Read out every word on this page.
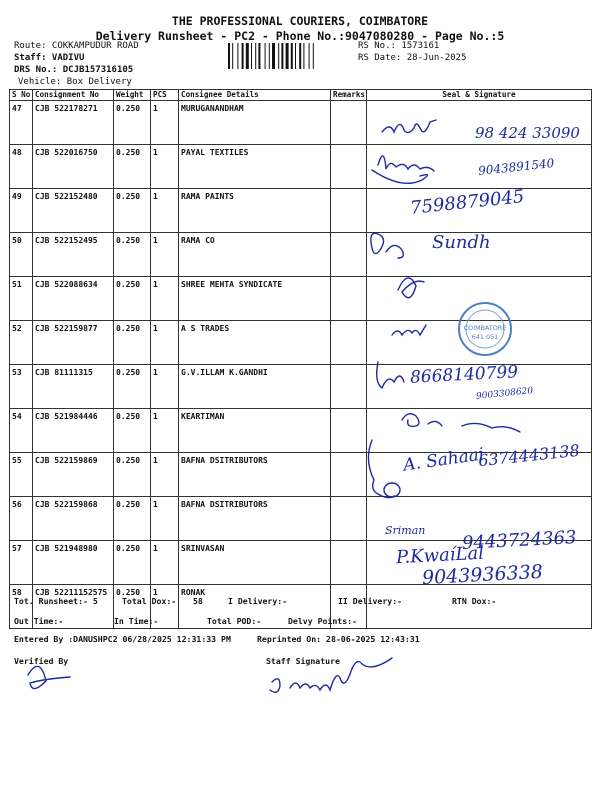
THE PROFESSIONAL COURIERS, COIMBATORE
Delivery Runsheet - PC2 - Phone No.:9047080280 - Page No.:5
Route: COKKAMPUDUR ROAD
Staff: VADIVU
DRS No.: DCJB157316105
Vehicle: Box Delivery
RS No.: 1573161
RS Date: 28-Jun-2025
S No	Consignment No	Weight	PCS	Consignee Details	Remarks	Seal & Signature
47	CJB 522178271	0.250	1	MURUGANANDHAM		
48	CJB 522016750	0.250	1	PAYAL TEXTILES		
49	CJB 522152480	0.250	1	RAMA PAINTS		
50	CJB 522152495	0.250	1	RAMA CO		
51	CJB 522088634	0.250	1	SHREE MEHTA SYNDICATE		
52	CJB 522159877	0.250	1	A S TRADES		
53	CJB 81111315	0.250	1	G.V.ILLAM K.GANDHI		
54	CJB 521984446	0.250	1	KEARTIMAN		
55	CJB 522159869	0.250	1	BAFNA DSITRIBUTORS		
56	CJB 522159868	0.250	1	BAFNA DSITRIBUTORS		
57	CJB 521948980	0.250	1	SRINVASAN		
58	CJB 52211152575	0.250	1	RONAK		
98 424 33090
9043891540
7598879045
Sundh
8668140799
9003308620
A. Sahaai
6374443138
Sriman 9443724363
P.KwaíLal
9043936338
COIMBATORE
641 051
Tot. Runsheet:- 5	Total Dox:- 58	I Delivery:-	II Delivery:-	RTN Dox:-
Out Time:-	In Time:-	Total POD:-	Delvy Points:-
Entered By :DANUSHPC2 06/28/2025 12:31:33 PM	Reprinted On: 28-06-2025 12:43:31
Verified By	Staff Signature
